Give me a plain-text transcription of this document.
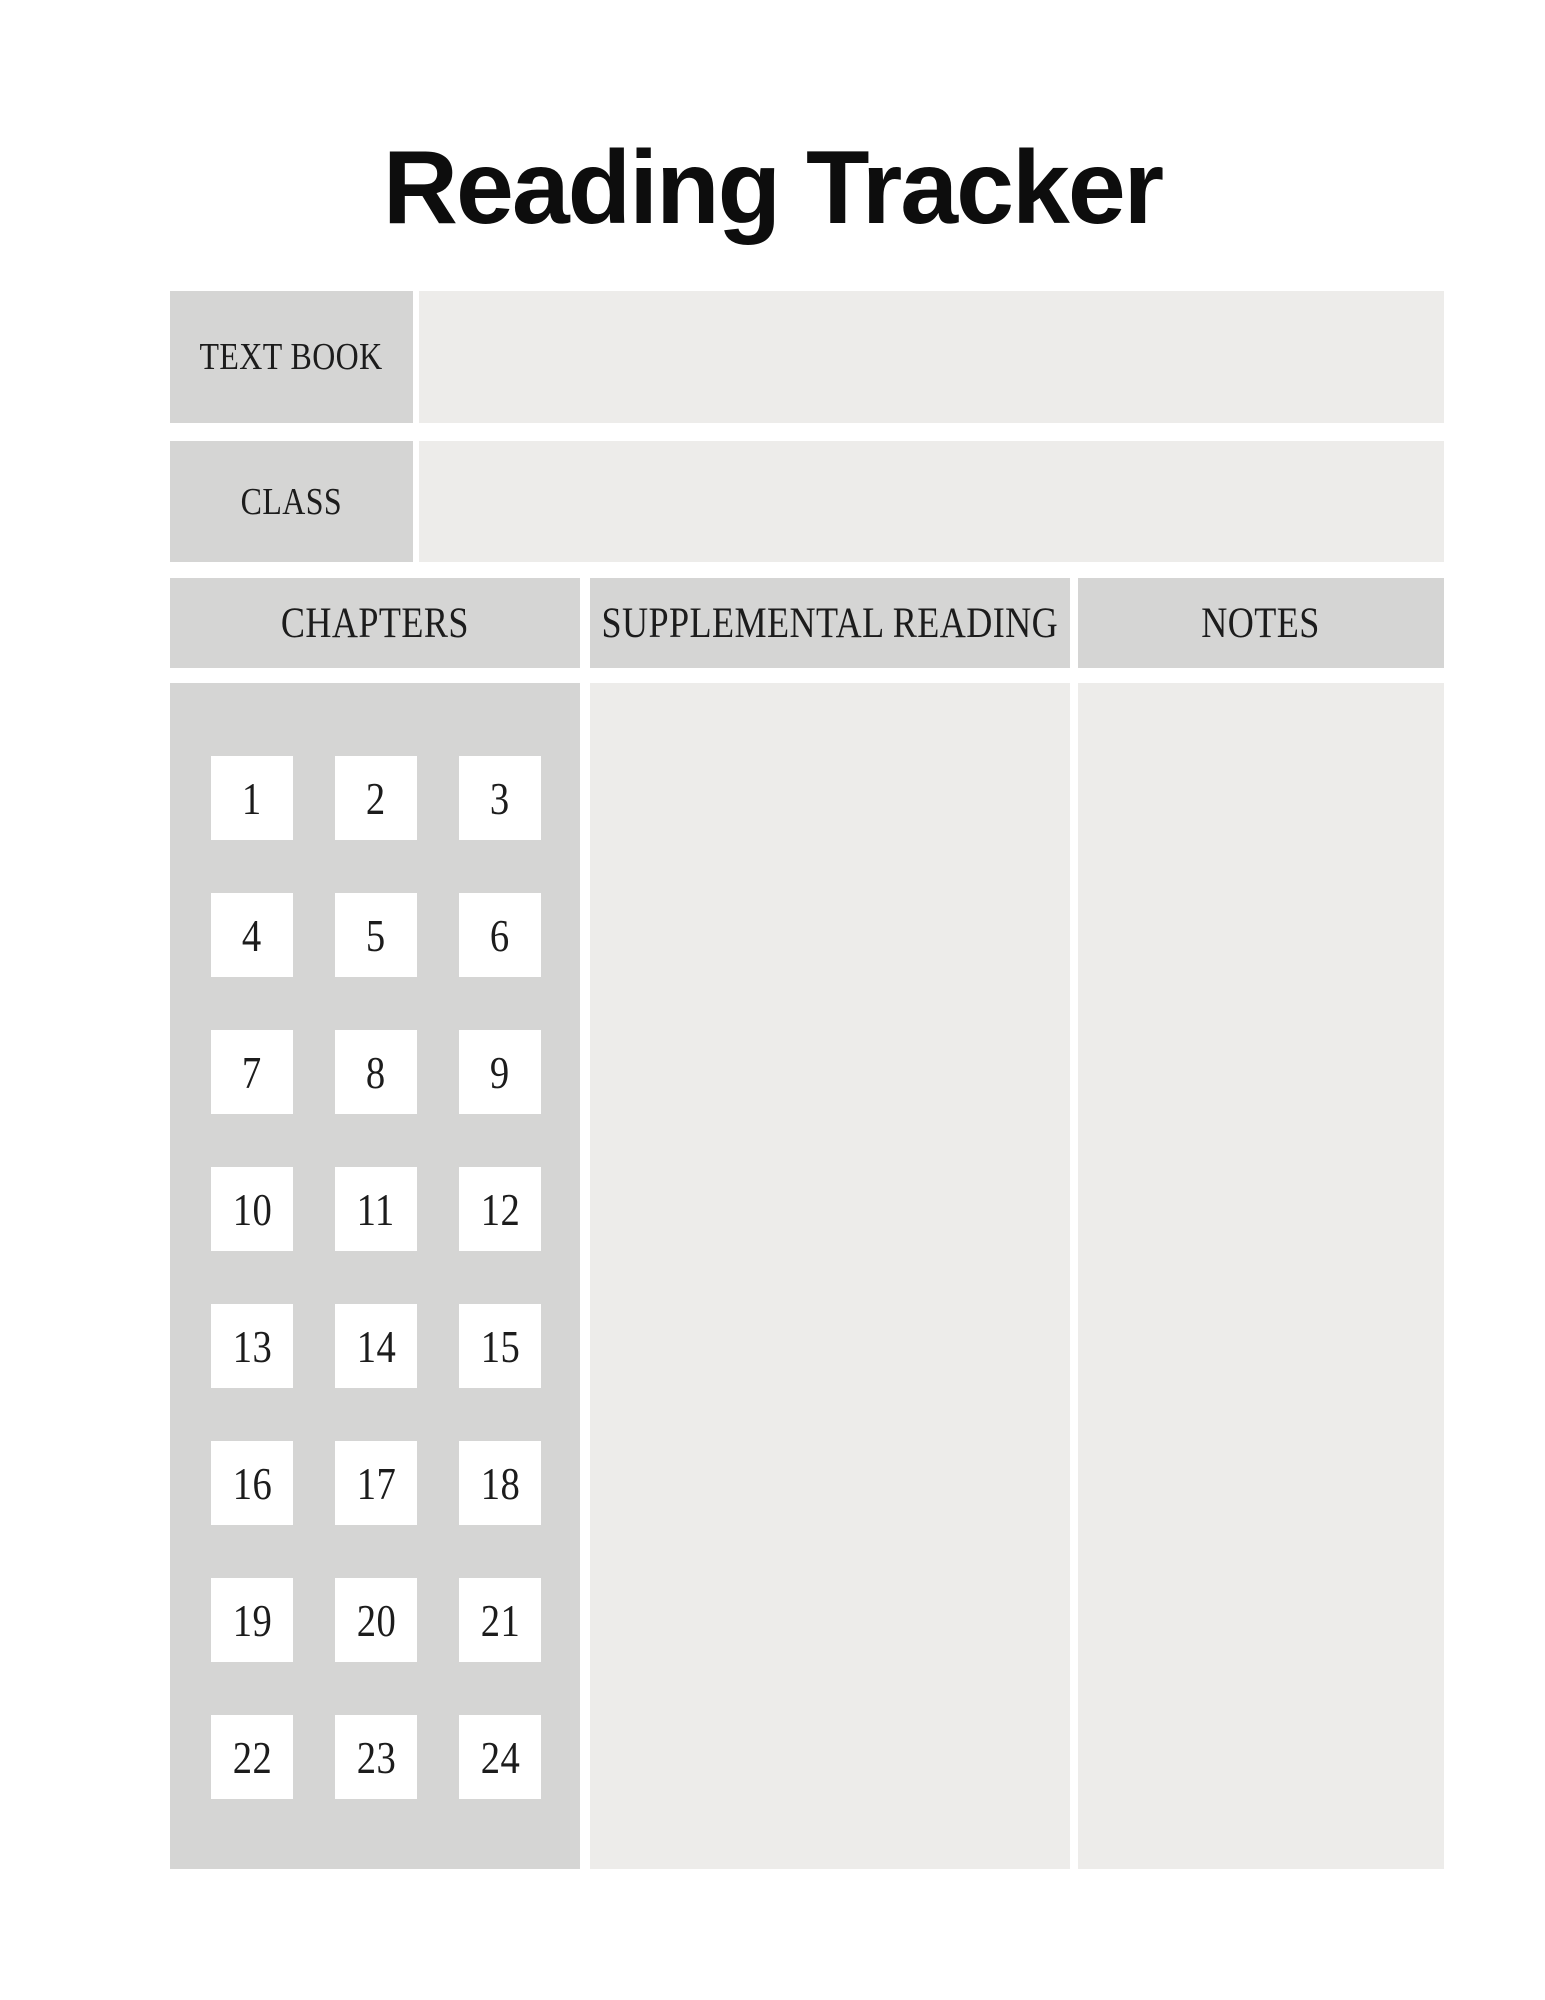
Reading Tracker
TEXT BOOK
CLASS
CHAPTERS	SUPPLEMENTAL READING	NOTES
1 2 3
4 5 6
7 8 9
10 11 12
13 14 15
16 17 18
19 20 21
22 23 24
